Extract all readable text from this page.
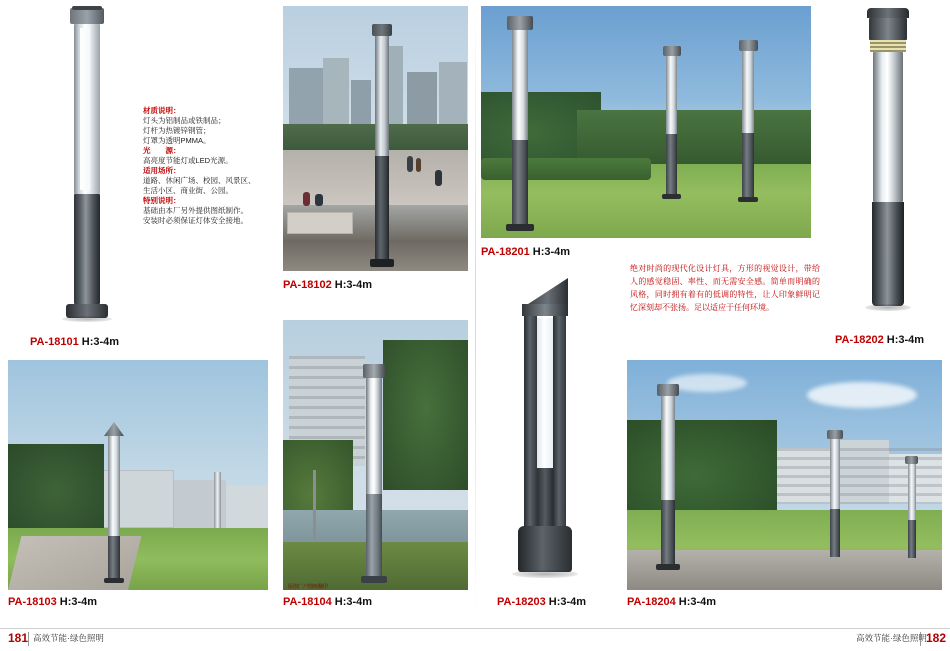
PA-18101 H:3-4m
材质说明：
灯头为铝制品或铁制品；
灯杆为热镀锌钢管；
灯罩为透明PMMA。
光　　源：
高亮度节能灯或LED光源。
适用场所：
道路、休闲广场、校园、风景区、
生活小区、商业街、公园。
特别说明：
基础由本厂另外提供图纸制作。
安装时必须保证灯体安全接地。
PA-18102 H:3-4m
PA-18201 H:3-4m
PA-18202 H:3-4m
绝对时尚的现代化设计灯具，方形的视觉设计，带给人的感觉稳固、率性、而无需安全感。简单而明确的风格，同时拥有着有的低调的特性，让人印象鲜明记忆深刻却不张扬。足以适应于任何环境。
PA-18103 H:3-4m
原创厂户图纸翻印
PA-18104 H:3-4m	PA-18203 H:3-4m	PA-18204 H:3-4m
181 高效节能·绿色照明	182
高效节能·绿色照明
